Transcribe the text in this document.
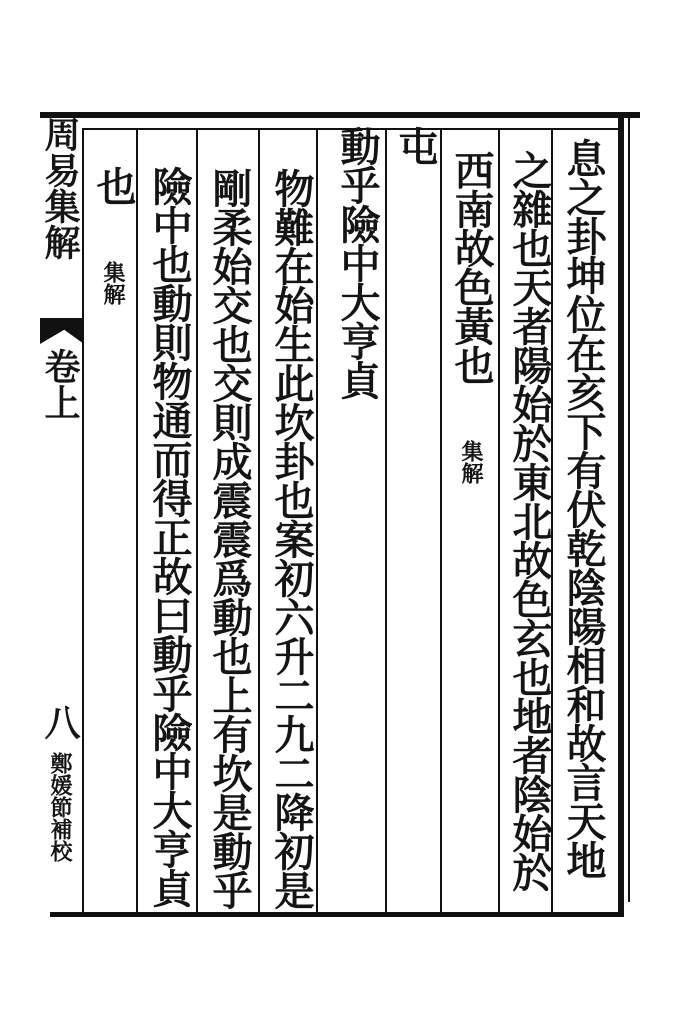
息之卦坤位在亥下有伏乾陰陽相和故言天地
之雜也天者陽始於東北故色玄也地者陰始於
西南故色黃也 集解
屯
動乎險中大亨貞
物難在始生此坎卦也案初六升二九二降初是
剛柔始交也交則成震震爲動也上有坎是動乎
險中也動則物通而得正故曰動乎險中大亨貞
也 集解
周易集解
卷上
八
鄭媛節補校
